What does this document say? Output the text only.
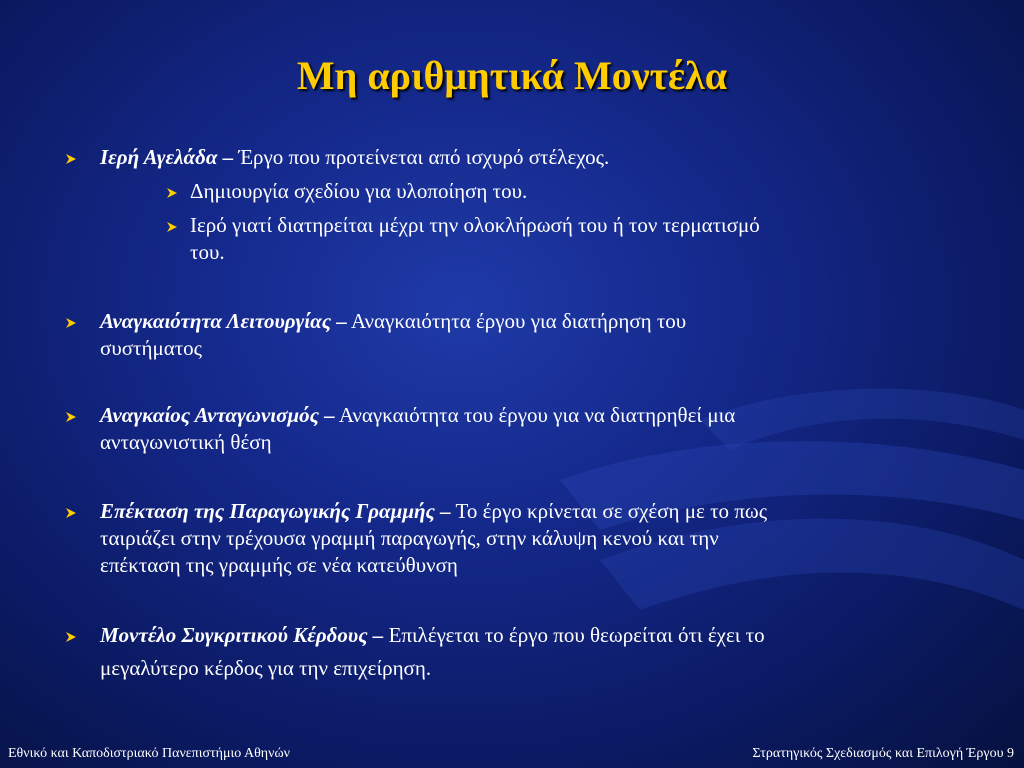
Μη αριθμητικά Μοντέλα
Ιερή Αγελάδα – Έργο που προτείνεται από ισχυρό στέλεχος.
Δημιουργία σχεδίου για υλοποίηση του.
Ιερό γιατί διατηρείται μέχρι την ολοκλήρωσή του ή τον τερματισμό
του.
Αναγκαιότητα Λειτουργίας – Αναγκαιότητα έργου για διατήρηση του
συστήματος
Αναγκαίος Ανταγωνισμός – Αναγκαιότητα του έργου για να διατηρηθεί μια
ανταγωνιστική θέση
Επέκταση της Παραγωγικής Γραμμής – Το έργο κρίνεται σε σχέση με το πως
ταιριάζει στην τρέχουσα γραμμή παραγωγής, στην κάλυψη κενού και την
επέκταση της γραμμής σε νέα κατεύθυνση
Μοντέλο Συγκριτικού Κέρδους – Επιλέγεται το έργο που θεωρείται ότι έχει το
μεγαλύτερο κέρδος για την επιχείρηση.
Εθνικό και Καποδιστριακό Πανεπιστήμιο Αθηνών	Στρατηγικός Σχεδιασμός και Επιλογή Έργου 9
